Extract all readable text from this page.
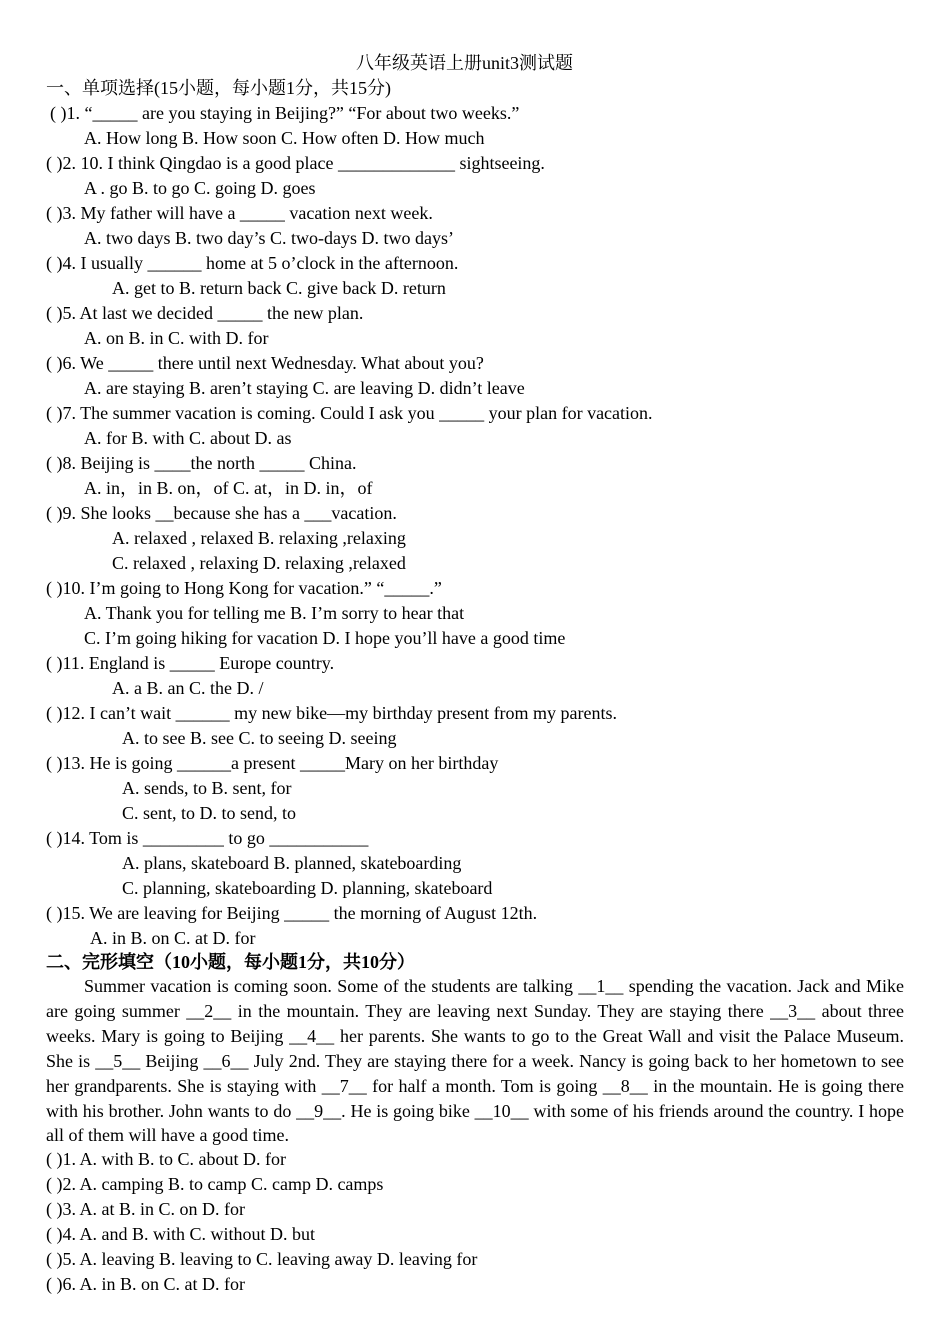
八年级英语上册unit3测试题
一、单项选择(15小题，每小题1分，共15分)
( )1. “_____ are you staying in Beijing?” “For about two weeks.”
A. How long B. How soon C. How often D. How much
( )2. 10. I think Qingdao is a good place _____________ sightseeing.
A . go B. to go C. going D. goes
( )3. My father will have a _____ vacation next week.
A. two days B. two day’s C. two-days D. two days’
( )4. I usually ______ home at 5 o’clock in the afternoon.
A. get to B. return back C. give back D. return
( )5. At last we decided _____ the new plan.
A. on B. in C. with D. for
( )6. We _____ there until next Wednesday. What about you?
A. are staying B. aren’t staying C. are leaving D. didn’t leave
( )7. The summer vacation is coming. Could I ask you _____ your plan for vacation.
A. for B. with C. about D. as
( )8. Beijing is ____the north _____ China.
A. in，in B. on，of C. at，in D. in，of
( )9. She looks __because she has a ___vacation.
A. relaxed , relaxed B. relaxing ,relaxing
C. relaxed , relaxing D. relaxing ,relaxed
( )10. I’m going to Hong Kong for vacation.” “_____.”
A. Thank you for telling me B. I’m sorry to hear that
C. I’m going hiking for vacation D. I hope you’ll have a good time
( )11. England is _____ Europe country.
A. a B. an C. the D. /
( )12. I can’t wait ______ my new bike—my birthday present from my parents.
A. to see B. see C. to seeing D. seeing
( )13. He is going ______a present _____Mary on her birthday
A. sends, to B. sent, for
C. sent, to D. to send, to
( )14. Tom is _________ to go ___________
A. plans, skateboard B. planned, skateboarding
C. planning, skateboarding D. planning, skateboard
( )15. We are leaving for Beijing _____ the morning of August 12th.
A. in B. on C. at D. for
二、完形填空（10小题，每小题1分，共10分）
Summer vacation is coming soon. Some of the students are talking __1__ spending the vacation. Jack and Mike are going summer __2__ in the mountain. They are leaving next Sunday. They are staying there __3__ about three weeks. Mary is going to Beijing __4__ her parents. She wants to go to the Great Wall and visit the Palace Museum. She is __5__ Beijing __6__ July 2nd. They are staying there for a week. Nancy is going back to her hometown to see her grandparents. She is staying with __7__ for half a month. Tom is going __8__ in the mountain. He is going there with his brother. John wants to do __9__. He is going bike __10__ with some of his friends around the country. I hope all of them will have a good time.
( )1. A. with B. to C. about D. for
( )2. A. camping B. to camp C. camp D. camps
( )3. A. at B. in C. on D. for
( )4. A. and B. with C. without D. but
( )5. A. leaving B. leaving to C. leaving away D. leaving for
( )6. A. in B. on C. at D. for
